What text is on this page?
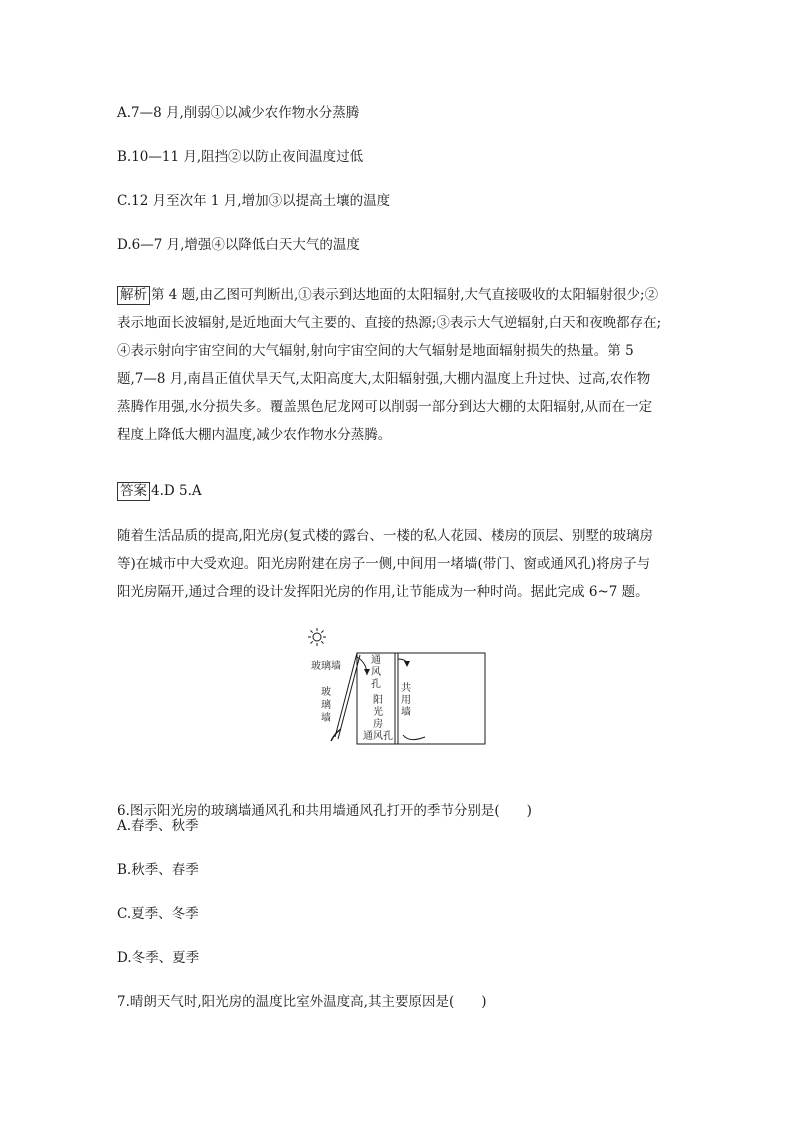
A.7—8 月,削弱①以减少农作物水分蒸腾
B.10—11 月,阻挡②以防止夜间温度过低
C.12 月至次年 1 月,增加③以提高土壤的温度
D.6—7 月,增强④以降低白天大气的温度
解析 第 4 题,由乙图可判断出,①表示到达地面的太阳辐射,大气直接吸收的太阳辐射很少;②
表示地面长波辐射,是近地面大气主要的、直接的热源;③表示大气逆辐射,白天和夜晚都存在;
④表示射向宇宙空间的大气辐射,射向宇宙空间的大气辐射是地面辐射损失的热量。第 5
题,7—8 月,南昌正值伏旱天气,太阳高度大,太阳辐射强,大棚内温度上升过快、过高,农作物
蒸腾作用强,水分损失多。覆盖黑色尼龙网可以削弱一部分到达大棚的太阳辐射,从而在一定
程度上降低大棚内温度,减少农作物水分蒸腾。
答案 4.D 5.A
随着生活品质的提高,阳光房(复式楼的露台、一楼的私人花园、楼房的顶层、别墅的玻璃房
等)在城市中大受欢迎。阳光房附建在房子一侧,中间用一堵墙(带门、窗或通风孔)将房子与
阳光房隔开,通过合理的设计发挥阳光房的作用,让节能成为一种时尚。据此完成 6~7 题。
玻璃墙
玻
璃
墙
通
风
孔
阳
光
房
共
用
墙
通风孔
6.图示阳光房的玻璃墙通风孔和共用墙通风孔打开的季节分别是(　　)
A.春季、秋季
B.秋季、春季
C.夏季、冬季
D.冬季、夏季
7.晴朗天气时,阳光房的温度比室外温度高,其主要原因是(　　)
